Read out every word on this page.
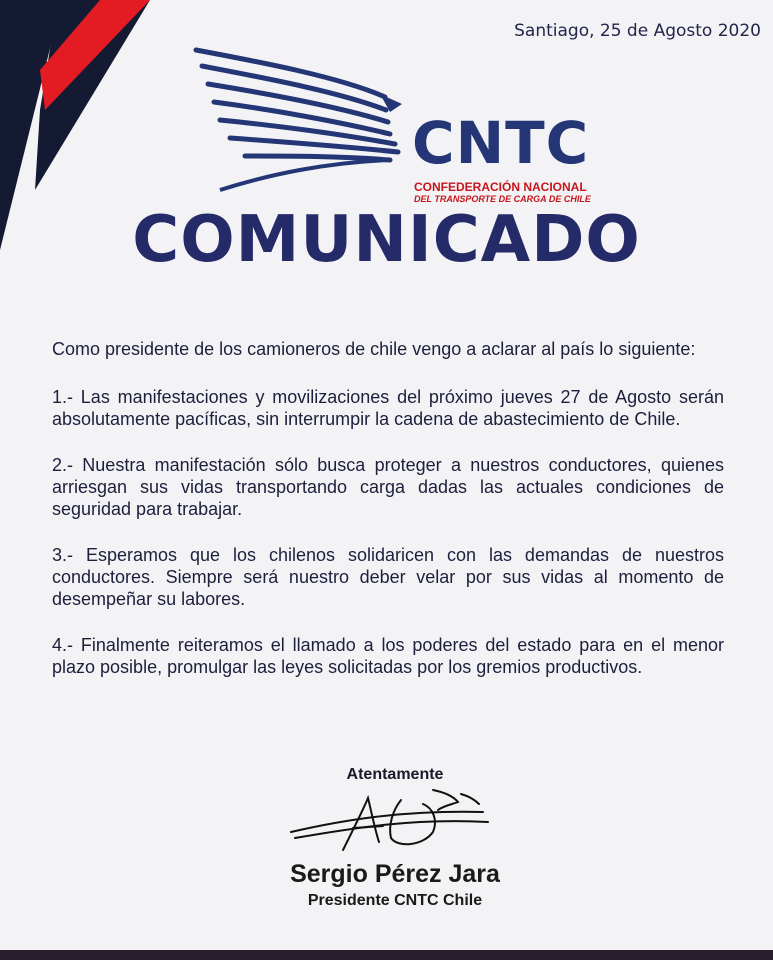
Santiago, 25 de Agosto 2020
CNTC
CONFEDERACIÓN NACIONAL
DEL TRANSPORTE DE CARGA DE CHILE
COMUNICADO

Como presidente de los camioneros de chile vengo a aclarar al país lo siguiente:

1.- Las manifestaciones y movilizaciones del próximo jueves 27 de Agosto serán absolutamente pacíficas, sin interrumpir la cadena de abastecimiento de Chile.

2.- Nuestra manifestación sólo busca proteger a nuestros conductores, quienes arriesgan sus vidas transportando carga dadas las actuales condiciones de seguridad para trabajar.

3.- Esperamos que los chilenos solidaricen con las demandas de nuestros conductores. Siempre será nuestro deber velar por sus vidas al momento de desempeñar su labores.

4.- Finalmente reiteramos el llamado a los poderes del estado para en el menor plazo posible, promulgar las leyes solicitadas por los gremios productivos.

Atentamente
Sergio Pérez Jara
Presidente CNTC Chile
